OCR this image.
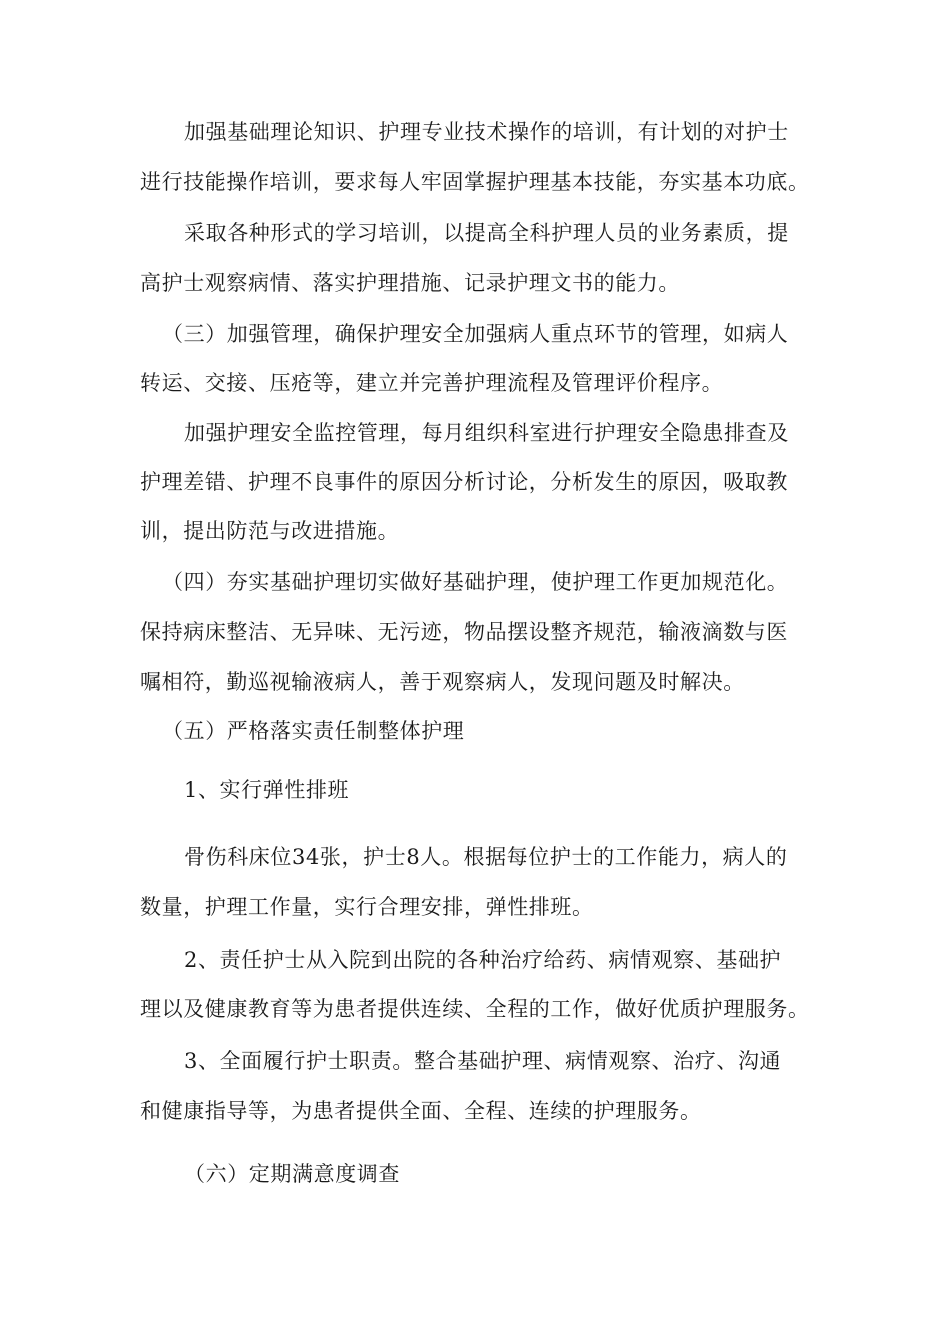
加强基础理论知识、护理专业技术操作的培训，有计划的对护士
进行技能操作培训，要求每人牢固掌握护理基本技能，夯实基本功底。
采取各种形式的学习培训，以提高全科护理人员的业务素质，提
高护士观察病情、落实护理措施、记录护理文书的能力。
（三）加强管理，确保护理安全加强病人重点环节的管理，如病人
转运、交接、压疮等，建立并完善护理流程及管理评价程序。
加强护理安全监控管理，每月组织科室进行护理安全隐患排查及
护理差错、护理不良事件的原因分析讨论，分析发生的原因，吸取教
训，提出防范与改进措施。
（四）夯实基础护理切实做好基础护理，使护理工作更加规范化。
保持病床整洁、无异味、无污迹，物品摆设整齐规范，输液滴数与医
嘱相符，勤巡视输液病人，善于观察病人，发现问题及时解决。
（五）严格落实责任制整体护理
1、实行弹性排班
骨伤科床位34张，护士8人。根据每位护士的工作能力，病人的
数量，护理工作量，实行合理安排，弹性排班。
2、责任护士从入院到出院的各种治疗给药、病情观察、基础护
理以及健康教育等为患者提供连续、全程的工作，做好优质护理服务。
3、全面履行护士职责。整合基础护理、病情观察、治疗、沟通
和健康指导等，为患者提供全面、全程、连续的护理服务。
（六）定期满意度调查
